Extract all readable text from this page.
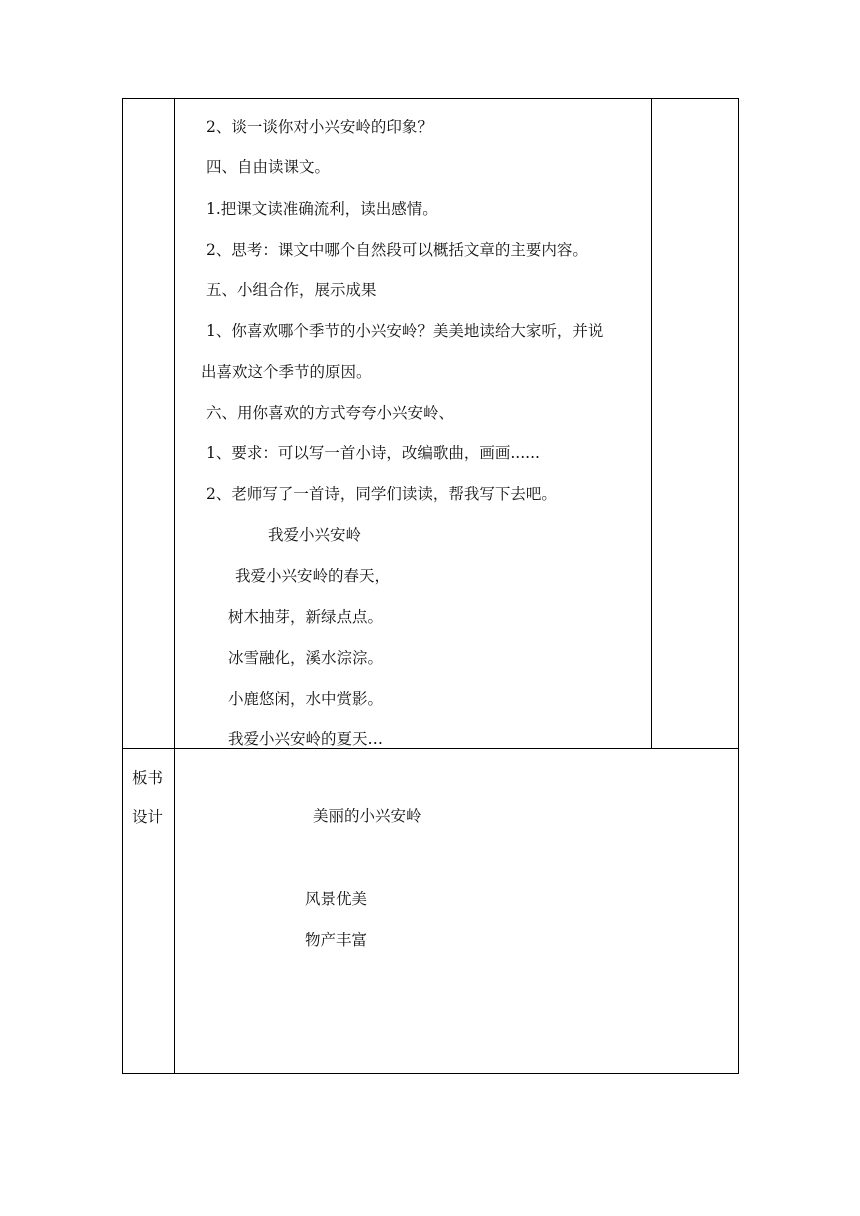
2、谈一谈你对小兴安岭的印象？
四、自由读课文。
1.把课文读准确流利，读出感情。
2、思考：课文中哪个自然段可以概括文章的主要内容。
五、小组合作，展示成果
1、你喜欢哪个季节的小兴安岭？美美地读给大家听，并说
出喜欢这个季节的原因。
六、用你喜欢的方式夸夸小兴安岭、
1、要求：可以写一首小诗，改编歌曲，画画......
2、老师写了一首诗，同学们读读，帮我写下去吧。
我爱小兴安岭
我爱小兴安岭的春天，
树木抽芽，新绿点点。
冰雪融化，溪水淙淙。
小鹿悠闲，水中赏影。
我爱小兴安岭的夏天…
板书
设计	美丽的小兴安岭
风景优美
物产丰富
